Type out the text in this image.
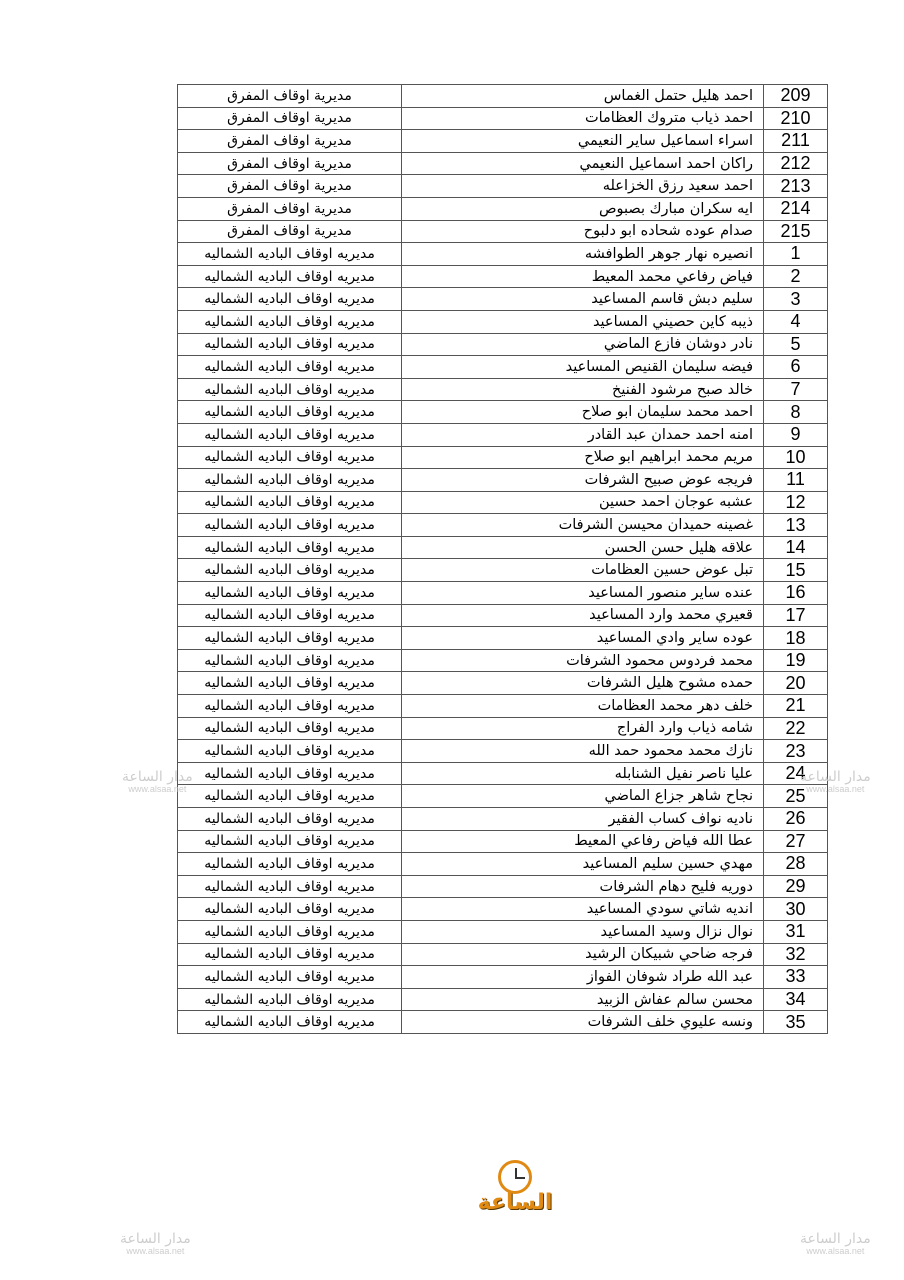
209
احمد هليل حتمل الغماس
مديرية اوقاف المفرق
210
احمد ذياب متروك العظامات
مديرية اوقاف المفرق
211
اسراء اسماعيل ساير النعيمي
مديرية اوقاف المفرق
212
راكان احمد اسماعيل النعيمي
مديرية اوقاف المفرق
213
احمد سعيد رزق الخزاعله
مديرية اوقاف المفرق
214
ايه سكران مبارك بصبوص
مديرية اوقاف المفرق
215
صدام عوده شحاده ابو دلبوح
مديرية اوقاف المفرق
1
انصيره نهار جوهر الطوافشه
مديريه اوقاف الباديه الشماليه
2
فياض رفاعي محمد المعيط
مديريه اوقاف الباديه الشماليه
3
سليم دبش قاسم المساعيد
مديريه اوقاف الباديه الشماليه
4
ذيبه كاين حصيني المساعيد
مديريه اوقاف الباديه الشماليه
5
نادر دوشان فازع الماضي
مديريه اوقاف الباديه الشماليه
6
فيضه سليمان القنيص المساعيد
مديريه اوقاف الباديه الشماليه
7
خالد صبح مرشود الفنيخ
مديريه اوقاف الباديه الشماليه
8
احمد محمد سليمان ابو صلاح
مديريه اوقاف الباديه الشماليه
9
امنه احمد حمدان عبد القادر
مديريه اوقاف الباديه الشماليه
10
مريم محمد ابراهيم ابو صلاح
مديريه اوقاف الباديه الشماليه
11
فريجه عوض صبيح الشرفات
مديريه اوقاف الباديه الشماليه
12
عشبه عوجان احمد حسين
مديريه اوقاف الباديه الشماليه
13
غصينه حميدان محيسن الشرفات
مديريه اوقاف الباديه الشماليه
14
علاقه هليل حسن الحسن
مديريه اوقاف الباديه الشماليه
15
تبل عوض حسين العظامات
مديريه اوقاف الباديه الشماليه
16
عنده ساير منصور المساعيد
مديريه اوقاف الباديه الشماليه
17
قعيري محمد وارد المساعيد
مديريه اوقاف الباديه الشماليه
18
عوده ساير وادي المساعيد
مديريه اوقاف الباديه الشماليه
19
محمد فردوس محمود الشرفات
مديريه اوقاف الباديه الشماليه
20
حمده مشوح هليل الشرفات
مديريه اوقاف الباديه الشماليه
21
خلف دهر محمد العظامات
مديريه اوقاف الباديه الشماليه
22
شامه ذياب وارد الفراج
مديريه اوقاف الباديه الشماليه
23
نازك محمد محمود حمد الله
مديريه اوقاف الباديه الشماليه
24
عليا ناصر نفيل الشنابله
مديريه اوقاف الباديه الشماليه
25
نجاح شاهر جزاع الماضي
مديريه اوقاف الباديه الشماليه
26
ناديه نواف كساب الفقير
مديريه اوقاف الباديه الشماليه
27
عطا الله فياض رفاعي المعيط
مديريه اوقاف الباديه الشماليه
28
مهدي حسين سليم المساعيد
مديريه اوقاف الباديه الشماليه
29
دوريه فليح دهام الشرفات
مديريه اوقاف الباديه الشماليه
30
انديه شاتي سودي المساعيد
مديريه اوقاف الباديه الشماليه
31
نوال نزال وسيد المساعيد
مديريه اوقاف الباديه الشماليه
32
فرجه ضاحي شبيكان الرشيد
مديريه اوقاف الباديه الشماليه
33
عبد الله طراد شوفان الفواز
مديريه اوقاف الباديه الشماليه
34
محسن سالم عفاش الزبيد
مديريه اوقاف الباديه الشماليه
35
ونسه عليوي خلف الشرفات
مديريه اوقاف الباديه الشماليه
مدار الساعة
www.alsaa.net
مدار الساعة
www.alsaa.net
مدار الساعة
www.alsaa.net
مدار الساعة
www.alsaa.net
الساعة
